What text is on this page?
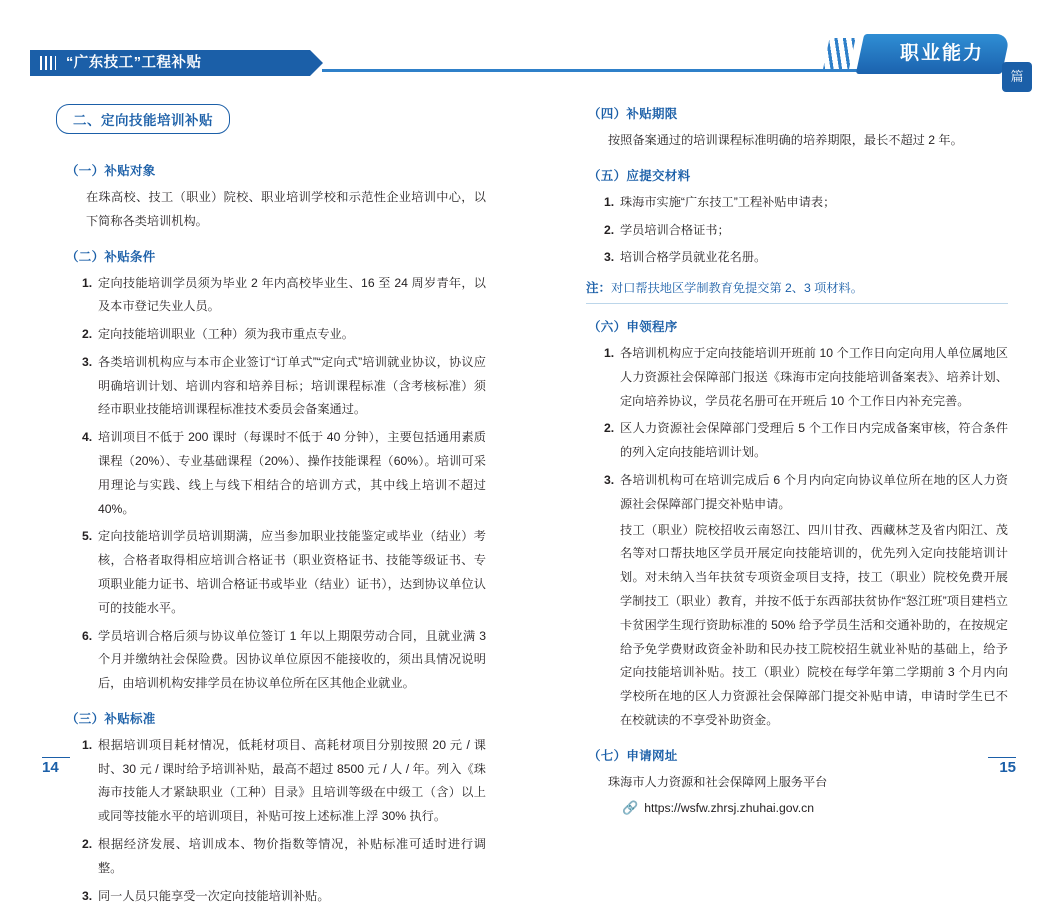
“广东技工”工程补贴	职业能力
篇
二、定向技能培训补贴
（一）补贴对象

在珠高校、技工（职业）院校、职业培训学校和示范性企业培训中心，以下简称各类培训机构。

（二）补贴条件
1. 定向技能培训学员须为毕业 2 年内高校毕业生、16 至 24 周岁青年，以及本市登记失业人员。
2. 定向技能培训职业（工种）须为我市重点专业。
3. 各类培训机构应与本市企业签订“订单式”“定向式”培训就业协议，协议应明确培训计划、培训内容和培养目标；培训课程标准（含考核标准）须经市职业技能培训课程标准技术委员会备案通过。
4. 培训项目不低于 200 课时（每课时不低于 40 分钟），主要包括通用素质课程（20%）、专业基础课程（20%）、操作技能课程（60%）。培训可采用理论与实践、线上与线下相结合的培训方式，其中线上培训不超过 40%。
5. 定向技能培训学员培训期满，应当参加职业技能鉴定或毕业（结业）考核，合格者取得相应培训合格证书（职业资格证书、技能等级证书、专项职业能力证书、培训合格证书或毕业（结业）证书），达到协议单位认可的技能水平。
6. 学员培训合格后须与协议单位签订 1 年以上期限劳动合同，且就业满 3 个月并缴纳社会保险费。因协议单位原因不能接收的，须出具情况说明后，由培训机构安排学员在协议单位所在区其他企业就业。
（三）补贴标准
1. 根据培训项目耗材情况，低耗材项目、高耗材项目分别按照 20 元 / 课时、30 元 / 课时给予培训补贴，最高不超过 8500 元 / 人 / 年。列入《珠海市技能人才紧缺职业（工种）目录》且培训等级在中级工（含）以上或同等技能水平的培训项目，补贴可按上述标准上浮 30% 执行。
2. 根据经济发展、培训成本、物价指数等情况，补贴标准可适时进行调整。
3. 同一人员只能享受一次定向技能培训补贴。
（四）补贴期限

按照备案通过的培训课程标准明确的培养期限，最长不超过 2 年。

（五）应提交材料
1. 珠海市实施“广东技工”工程补贴申请表；
2. 学员培训合格证书；
3. 培训合格学员就业花名册。
注：对口帮扶地区学制教育免提交第 2、3 项材料。
（六）申领程序
1. 各培训机构应于定向技能培训开班前 10 个工作日向定向用人单位属地区人力资源社会保障部门报送《珠海市定向技能培训备案表》、培养计划、定向培养协议，学员花名册可在开班后 10 个工作日内补充完善。
2. 区人力资源社会保障部门受理后 5 个工作日内完成备案审核，符合条件的列入定向技能培训计划。
3. 各培训机构可在培训完成后 6 个月内向定向协议单位所在地的区人力资源社会保障部门提交补贴申请。
技工（职业）院校招收云南怒江、四川甘孜、西藏林芝及省内阳江、茂名等对口帮扶地区学员开展定向技能培训的，优先列入定向技能培训计划。对未纳入当年扶贫专项资金项目支持，技工（职业）院校免费开展学制技工（职业）教育，并按不低于东西部扶贫协作“怒江班”项目建档立卡贫困学生现行资助标准的 50% 给予学员生活和交通补助的，在按规定给予免学费财政资金补助和民办技工院校招生就业补贴的基础上，给予定向技能培训补贴。技工（职业）院校在每学年第二学期前 3 个月内向学校所在地的区人力资源社会保障部门提交补贴申请，申请时学生已不在校就读的不享受补助资金。
（七）申请网址

珠海市人力资源和社会保障网上服务平台

🔗 https://wsfw.zhrsj.zhuhai.gov.cn
14	15
